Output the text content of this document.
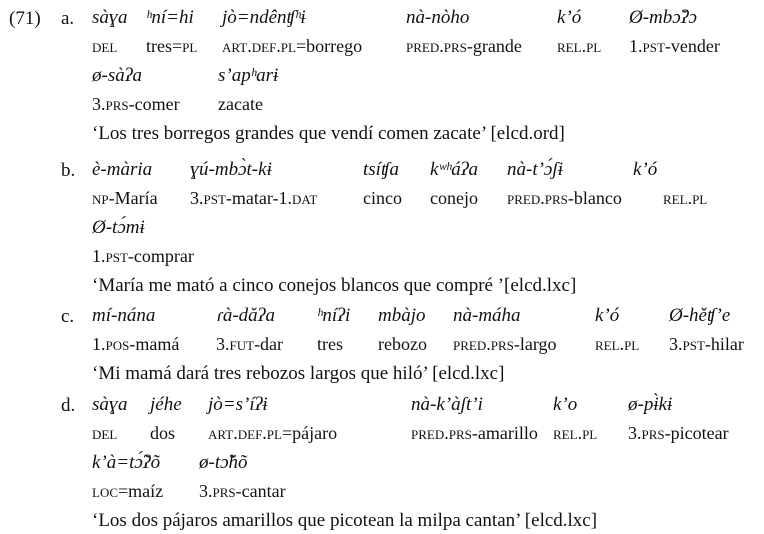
(71) a. sàɣa ʰní=hi jò=ndênʧʰɨ	nà-nòho	k’ó	Ø-mbɔ̌ʔɔ
del tres=pl art.def.pl=borrego pred.prs-grande rel.pl 1.pst-vender
ø-sàʔa	s’apʰarɨ
3.prs-comer zacate
‘Los tres borregos grandes que vendí comen zacate’ [elcd.ord]
b. è-mària ɣú-mbɔ̀t-kɨ	tsíʧa kʷʰáʔa nà-t’ɔ́ʃɨ	k’ó
np-María 3.pst-matar-1.dat	cinco conejo pred.prs-blanco rel.pl
Ø-tɔ́mɨ
1.pst-comprar
‘María me mató a cinco conejos blancos que compré ’[elcd.lxc]
c. mí-nána	ɾà-dǎʔa ʰníʔi mbàjo nà-máha	k’ó	Ø-hěʧ’e
1.pos-mamá 3.fut-dar tres rebozo pred.prs-largo rel.pl 3.pst-hilar
‘Mi mamá dará tres rebozos largos que hiló’ [elcd.lxc]
d. sàɣa jéhe jò=s’íʔɨ	nà-k’àʃt’i	k’o	ø-pɨ̀kɨ
del dos art.def.pl=pájaro	pred.prs-amarillo rel.pl 3.prs-picotear
k’à=tɔ̃́ʔõ ø-tɔ̃̌hõ
loc=maíz 3.prs-cantar
‘Los dos pájaros amarillos que picotean la milpa cantan’ [elcd.lxc]
